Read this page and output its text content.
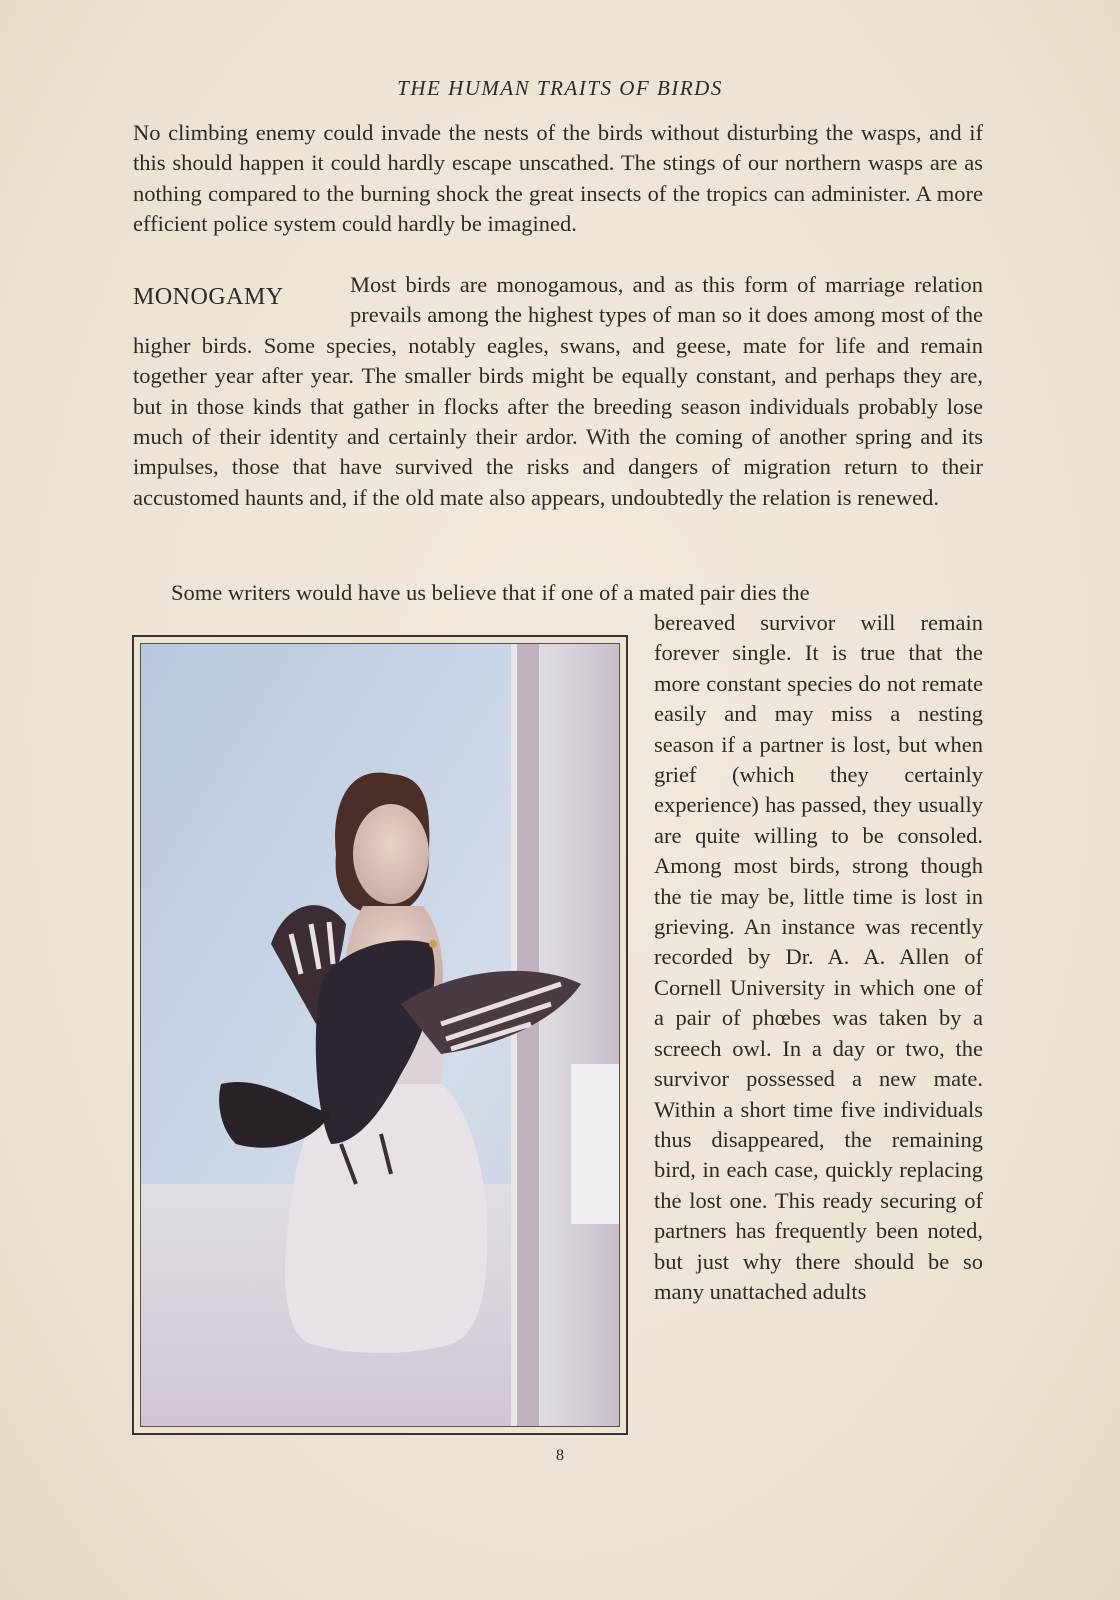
THE HUMAN TRAITS OF BIRDS

No climbing enemy could invade the nests of the birds without disturbing the wasps, and if this should happen it could hardly escape unscathed. The stings of our northern wasps are as nothing compared to the burning shock the great insects of the tropics can administer. A more efficient police system could hardly be imagined.

MONOGAMY	Most birds are monogamous, and as this form of marriage relation prevails among the highest types of man so it does among most of the higher birds. Some species, notably eagles, swans, and geese, mate for life and remain together year after year. The smaller birds might be equally constant, and perhaps they are, but in those kinds that gather in flocks after the breeding season individuals probably lose much of their identity and certainly their ardor. With the coming of another spring and its impulses, those that have survived the risks and dangers of migration return to their accustomed haunts and, if the old mate also appears, undoubtedly the relation is renewed.

Some writers would have us believe that if one of a mated pair dies the

bereaved survivor will remain forever single. It is true that the more constant species do not remate easily and may miss a nesting season if a partner is lost, but when grief (which they certainly experience) has passed, they usually are quite willing to be consoled. Among most birds, strong though the tie may be, little time is lost in grieving. An instance was recently recorded by Dr. A. A. Allen of Cornell University in which one of a pair of phœbes was taken by a screech owl. In a day or two, the survivor possessed a new mate. Within a short time five individuals thus disappeared, the remaining bird, in each case, quickly replacing the lost one. This ready securing of partners has frequently been noted, but just why there should be so many unattached adults

8
